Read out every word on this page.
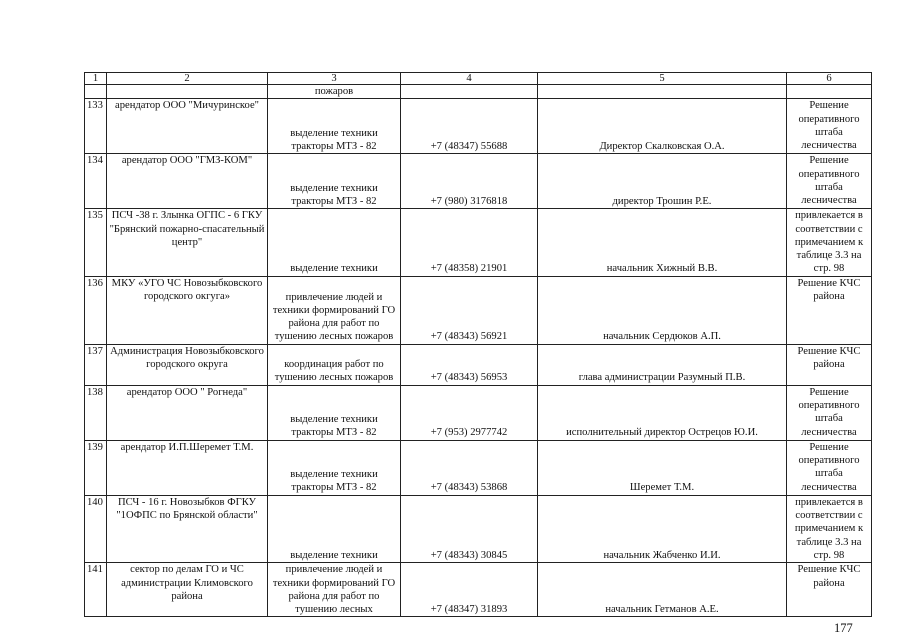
1	2	3	4	5	6
		пожаров			
133	арендатор ООО "Мичуринское"	выделение техники тракторы МТЗ - 82	+7 (48347) 55688	Директор Скалковская О.А.	Решение оперативного штаба лесничества
134	арендатор ООО "ГМЗ-КОМ"	выделение техники тракторы МТЗ - 82	+7 (980) 3176818	директор Трошин Р.Е.	Решение оперативного штаба лесничества
135	ПСЧ -38 г. Злынка ОГПС - 6 ГКУ "Брянский пожарно-спасательный центр"	выделение техники	+7 (48358) 21901	начальник Хижный В.В.	привлекается в соответствии с примечанием к таблице 3.3 на стр. 98
136	МКУ «УГО ЧС Новозыбковского городского окгуга»	привлечение людей и техники формирований ГО района для работ по тушению лесных пожаров	+7 (48343) 56921	начальник Сердюков А.П.	Решение КЧС района
137	Администрация Новозыбковского городского округа	координация работ по тушению лесных пожаров	+7 (48343) 56953	глава администрации Разумный П.В.	Решение КЧС района
138	арендатор ООО " Рогнеда"	выделение техники тракторы МТЗ - 82	+7 (953) 2977742	исполнительный директор Острецов Ю.И.	Решение оперативного штаба лесничества
139	арендатор И.П.Шеремет Т.М.	выделение техники тракторы МТЗ - 82	+7 (48343) 53868	Шеремет Т.М.	Решение оперативного штаба лесничества
140	ПСЧ - 16 г. Новозыбков ФГКУ "1ОФПС по Брянской области"	выделение техники	+7 (48343) 30845	начальник Жабченко И.И.	привлекается в соответствии с примечанием к таблице 3.3 на стр. 98
141	сектор по делам ГО и ЧС администрации Климовского района	привлечение людей и техники формирований ГО района для работ по тушению лесных	+7 (48347) 31893	начальник Гетманов А.Е.	Решение КЧС района
177
